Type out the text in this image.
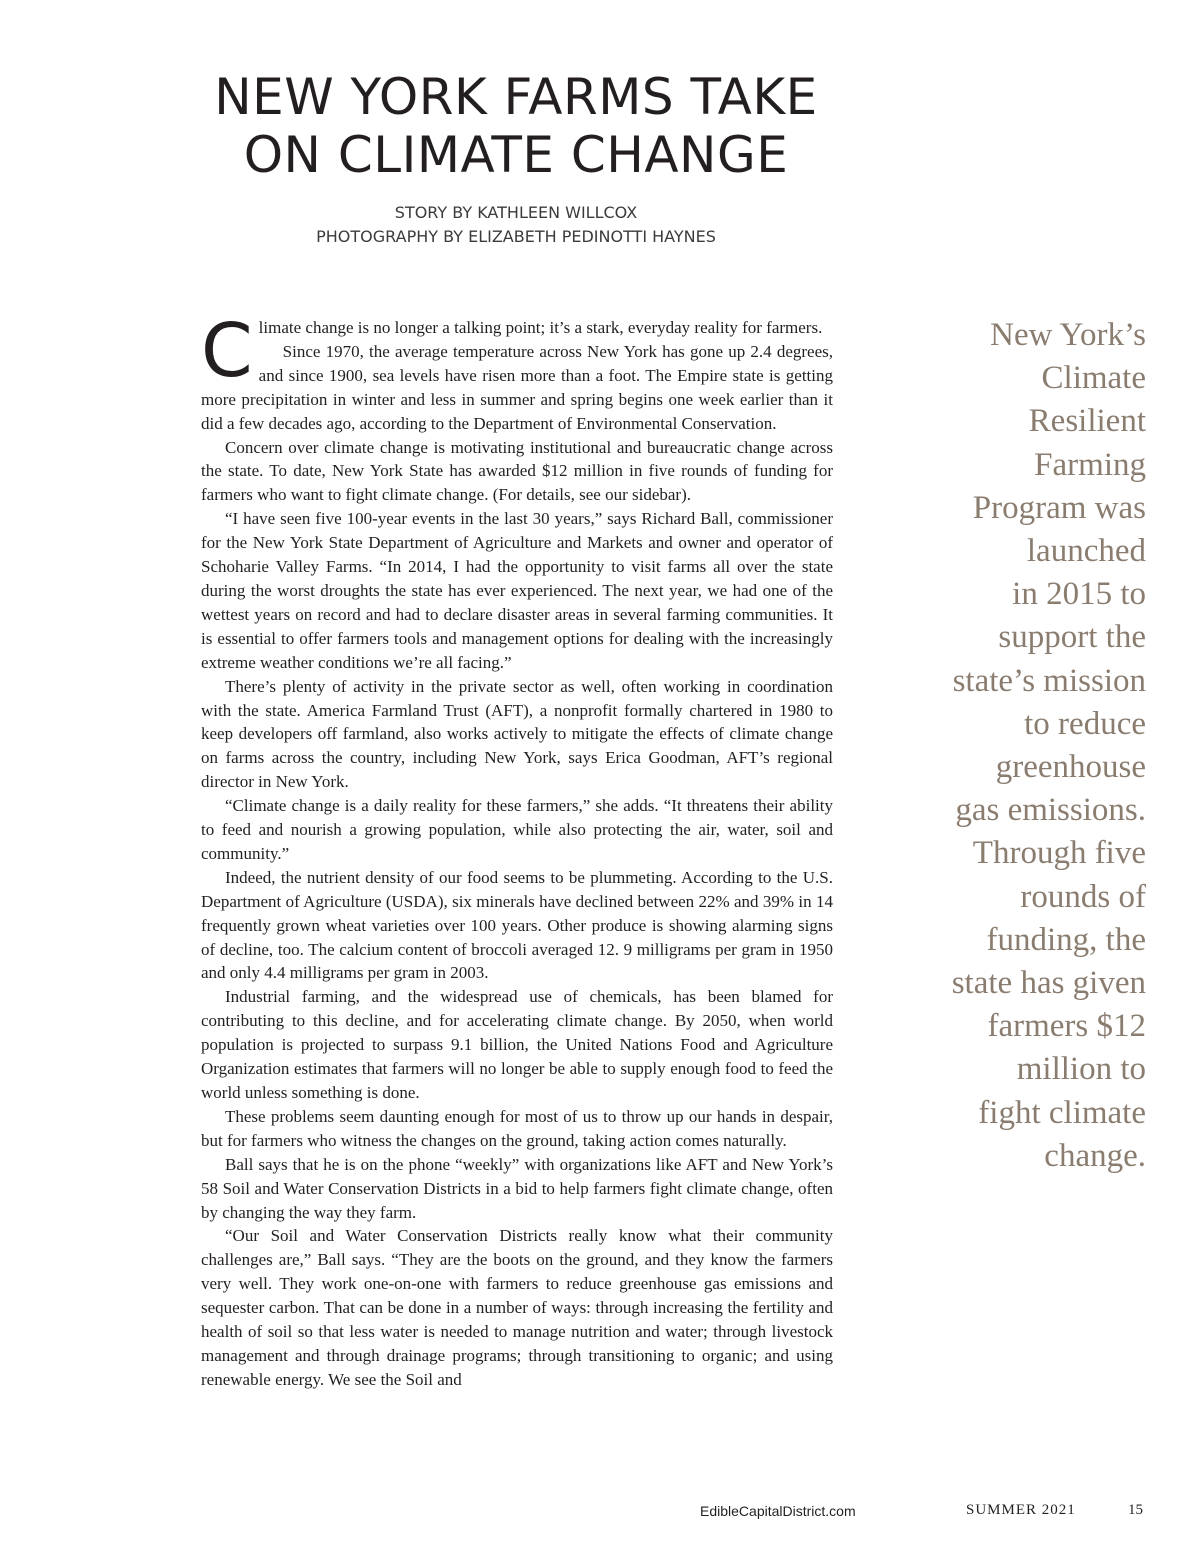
NEW YORK FARMS TAKE
ON CLIMATE CHANGE
STORY BY KATHLEEN WILLCOX
PHOTOGRAPHY BY ELIZABETH PEDINOTTI HAYNES

Climate change is no longer a talking point; it’s a stark, everyday reality for farmers.

Since 1970, the average temperature across New York has gone up 2.4 degrees, and since 1900, sea levels have risen more than a foot. The Empire state is getting more precipitation in winter and less in summer and spring begins one week earlier than it did a few decades ago, according to the Department of Environmental Conservation.

Concern over climate change is motivating institutional and bureaucratic change across the state. To date, New York State has awarded $12 million in five rounds of funding for farmers who want to fight climate change. (For details, see our sidebar).

“I have seen five 100-year events in the last 30 years,” says Richard Ball, commissioner for the New York State Department of Agriculture and Markets and owner and operator of Schoharie Valley Farms. “In 2014, I had the opportunity to visit farms all over the state during the worst droughts the state has ever experienced. The next year, we had one of the wettest years on record and had to declare disaster areas in several farming communities. It is essential to offer farmers tools and management options for dealing with the increasingly extreme weather conditions we’re all facing.”

There’s plenty of activity in the private sector as well, often working in coordination with the state. America Farmland Trust (AFT), a nonprofit formally chartered in 1980 to keep developers off farmland, also works actively to mitigate the effects of climate change on farms across the country, including New York, says Erica Goodman, AFT’s regional director in New York.

“Climate change is a daily reality for these farmers,” she adds. “It threatens their ability to feed and nourish a growing population, while also protecting the air, water, soil and community.”

Indeed, the nutrient density of our food seems to be plummeting. According to the U.S. Department of Agriculture (USDA), six minerals have declined between 22% and 39% in 14 frequently grown wheat varieties over 100 years. Other produce is showing alarming signs of decline, too. The calcium content of broccoli averaged 12. 9 milligrams per gram in 1950 and only 4.4 milligrams per gram in 2003.

Industrial farming, and the widespread use of chemicals, has been blamed for contributing to this decline, and for accelerating climate change. By 2050, when world population is projected to surpass 9.1 billion, the United Nations Food and Agriculture Organization estimates that farmers will no longer be able to supply enough food to feed the world unless something is done.

These problems seem daunting enough for most of us to throw up our hands in despair, but for farmers who witness the changes on the ground, taking action comes naturally.

Ball says that he is on the phone “weekly” with organizations like AFT and New York’s 58 Soil and Water Conservation Districts in a bid to help farmers fight climate change, often by changing the way they farm.

“Our Soil and Water Conservation Districts really know what their community challenges are,” Ball says. “They are the boots on the ground, and they know the farmers very well. They work one-on-one with farmers to reduce greenhouse gas emissions and sequester carbon. That can be done in a number of ways: through increasing the fertility and health of soil so that less water is needed to manage nutrition and water; through livestock management and through drainage programs; through transitioning to organic; and using renewable energy. We see the Soil and

New York’s
Climate
Resilient
Farming
Program was
launched
in 2015 to
support the
state’s mission
to reduce
greenhouse
gas emissions.
Through five
rounds of
funding, the
state has given
farmers $12
million to
fight climate
change.
EdibleCapitalDistrict.com	SUMMER 2021	15
